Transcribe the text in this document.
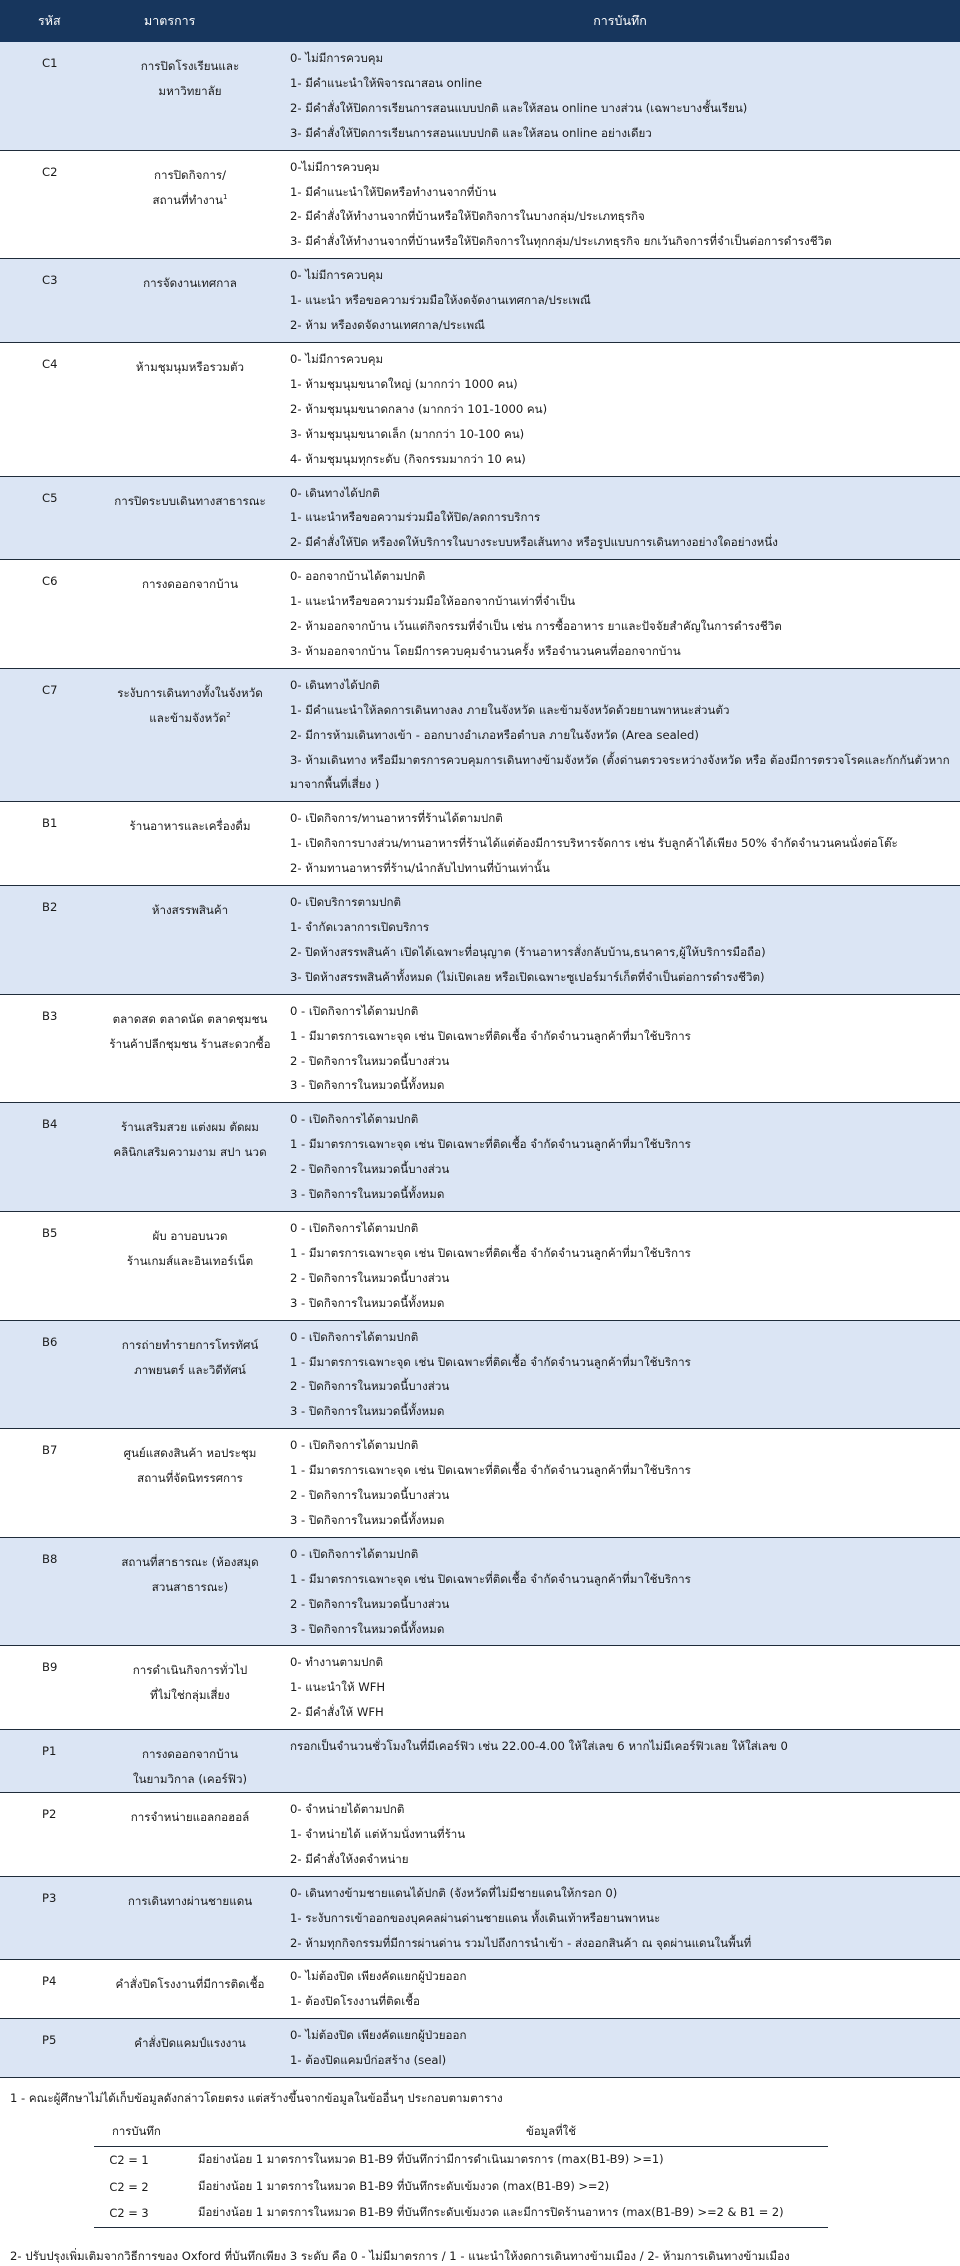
รหัส	มาตรการ	การบันทึก
C1	การปิดโรงเรียนและ
มหาวิทยาลัย	0- ไม่มีการควบคุม
1- มีคำแนะนำให้พิจารณาสอน online
2- มีคำสั่งให้ปิดการเรียนการสอนแบบปกติ และให้สอน online บางส่วน (เฉพาะบางชั้นเรียน)
3- มีคำสั่งให้ปิดการเรียนการสอนแบบปกติ และให้สอน online อย่างเดียว

C2	การปิดกิจการ/
สถานที่ทำงาน$^1$	0-ไม่มีการควบคุม
1- มีคำแนะนำให้ปิดหรือทำงานจากที่บ้าน
2- มีคำสั่งให้ทำงานจากที่บ้านหรือให้ปิดกิจการในบางกลุ่ม/ประเภทธุรกิจ
3- มีคำสั่งให้ทำงานจากที่บ้านหรือให้ปิดกิจการในทุกกลุ่ม/ประเภทธุรกิจ ยกเว้นกิจการที่จำเป็นต่อการดำรงชีวิต

C3	การจัดงานเทศกาล	0- ไม่มีการควบคุม
1- แนะนำ หรือขอความร่วมมือให้งดจัดงานเทศกาล/ประเพณี
2- ห้าม หรืองดจัดงานเทศกาล/ประเพณี

C4	ห้ามชุมนุมหรือรวมตัว	0- ไม่มีการควบคุม
1- ห้ามชุมนุมขนาดใหญ่ (มากกว่า 1000 คน)
2- ห้ามชุมนุมขนาดกลาง (มากกว่า 101-1000 คน)
3- ห้ามชุมนุมขนาดเล็ก (มากกว่า 10-100 คน)
4- ห้ามชุมนุมทุกระดับ (กิจกรรมมากว่า 10 คน)

C5	การปิดระบบเดินทางสาธารณะ	0- เดินทางได้ปกติ
1- แนะนำหรือขอความร่วมมือให้ปิด/ลดการบริการ
2- มีคำสั่งให้ปิด หรืองดให้บริการในบางระบบหรือเส้นทาง หรือรูปแบบการเดินทางอย่างใดอย่างหนึ่ง

C6	การงดออกจากบ้าน	0- ออกจากบ้านได้ตามปกติ
1- แนะนำหรือขอความร่วมมือให้ออกจากบ้านเท่าที่จำเป็น
2- ห้ามออกจากบ้าน เว้นแต่กิจกรรมที่จำเป็น เช่น การซื้ออาหาร ยาและปัจจัยสำคัญในการดำรงชีวิต
3- ห้ามออกจากบ้าน โดยมีการควบคุมจำนวนครั้ง หรือจำนวนคนที่ออกจากบ้าน

C7	ระงับการเดินทางทั้งในจังหวัด
และข้ามจังหวัด$^2$	0- เดินทางได้ปกติ
1- มีคำแนะนำให้ลดการเดินทางลง ภายในจังหวัด และข้ามจังหวัดด้วยยานพาหนะส่วนตัว
2- มีการห้ามเดินทางเข้า - ออกบางอำเภอหรือตำบล ภายในจังหวัด (Area sealed)
3- ห้ามเดินทาง หรือมีมาตรการควบคุมการเดินทางข้ามจังหวัด (ตั้งด่านตรวจระหว่างจังหวัด หรือ ต้องมีการตรวจโรคและกักกันตัวหากมาจากพื้นที่เสี่ยง )

B1	ร้านอาหารและเครื่องดื่ม	0- เปิดกิจการ/ทานอาหารที่ร้านได้ตามปกติ
1- เปิดกิจการบางส่วน/ทานอาหารที่ร้านได้แต่ต้องมีการบริหารจัดการ เช่น รับลูกค้าได้เพียง 50% จำกัดจำนวนคนนั่งต่อโต๊ะ
2- ห้ามทานอาหารที่ร้าน/นำกลับไปทานที่บ้านเท่านั้น

B2	ห้างสรรพสินค้า	0- เปิดบริการตามปกติ
1- จำกัดเวลาการเปิดบริการ
2- ปิดห้างสรรพสินค้า เปิดได้เฉพาะที่อนุญาต (ร้านอาหารสั่งกลับบ้าน,ธนาคาร,ผู้ให้บริการมือถือ)
3- ปิดห้างสรรพสินค้าทั้งหมด (ไม่เปิดเลย หรือเปิดเฉพาะซูเปอร์มาร์เก็ตที่จำเป็นต่อการดำรงชีวิต)

B3	ตลาดสด ตลาดนัด ตลาดชุมชน
ร้านค้าปลีกชุมชน ร้านสะดวกซื้อ	0 - เปิดกิจการได้ตามปกติ
1 - มีมาตรการเฉพาะจุด เช่น ปิดเฉพาะที่ติดเชื้อ จำกัดจำนวนลูกค้าที่มาใช้บริการ
2 - ปิดกิจการในหมวดนี้บางส่วน
3 - ปิดกิจการในหมวดนี้ทั้งหมด

B4	ร้านเสริมสวย แต่งผม ตัดผม
คลินิกเสริมความงาม สปา นวด	0 - เปิดกิจการได้ตามปกติ
1 - มีมาตรการเฉพาะจุด เช่น ปิดเฉพาะที่ติดเชื้อ จำกัดจำนวนลูกค้าที่มาใช้บริการ
2 - ปิดกิจการในหมวดนี้บางส่วน
3 - ปิดกิจการในหมวดนี้ทั้งหมด

B5	ผับ อาบอบนวด
ร้านเกมส์และอินเทอร์เน็ต	0 - เปิดกิจการได้ตามปกติ
1 - มีมาตรการเฉพาะจุด เช่น ปิดเฉพาะที่ติดเชื้อ จำกัดจำนวนลูกค้าที่มาใช้บริการ
2 - ปิดกิจการในหมวดนี้บางส่วน
3 - ปิดกิจการในหมวดนี้ทั้งหมด

B6	การถ่ายทำรายการโทรทัศน์
ภาพยนตร์ และวิดีทัศน์	0 - เปิดกิจการได้ตามปกติ
1 - มีมาตรการเฉพาะจุด เช่น ปิดเฉพาะที่ติดเชื้อ จำกัดจำนวนลูกค้าที่มาใช้บริการ
2 - ปิดกิจการในหมวดนี้บางส่วน
3 - ปิดกิจการในหมวดนี้ทั้งหมด

B7	ศูนย์แสดงสินค้า หอประชุม
สถานที่จัดนิทรรศการ	0 - เปิดกิจการได้ตามปกติ
1 - มีมาตรการเฉพาะจุด เช่น ปิดเฉพาะที่ติดเชื้อ จำกัดจำนวนลูกค้าที่มาใช้บริการ
2 - ปิดกิจการในหมวดนี้บางส่วน
3 - ปิดกิจการในหมวดนี้ทั้งหมด

B8	สถานที่สาธารณะ (ห้องสมุด
สวนสาธารณะ)	0 - เปิดกิจการได้ตามปกติ
1 - มีมาตรการเฉพาะจุด เช่น ปิดเฉพาะที่ติดเชื้อ จำกัดจำนวนลูกค้าที่มาใช้บริการ
2 - ปิดกิจการในหมวดนี้บางส่วน
3 - ปิดกิจการในหมวดนี้ทั้งหมด

B9	การดำเนินกิจการทั่วไป
ที่ไม่ใช่กลุ่มเสี่ยง	0- ทำงานตามปกติ
1- แนะนำให้ WFH
2- มีคำสั่งให้ WFH

P1	การงดออกจากบ้าน
ในยามวิกาล (เคอร์ฟิว)	กรอกเป็นจำนวนชั่วโมงในที่มีเคอร์ฟิว เช่น 22.00-4.00 ให้ใส่เลข 6 หากไม่มีเคอร์ฟิวเลย ให้ใส่เลข 0

P2	การจำหน่ายแอลกอฮอล์	0- จำหน่ายได้ตามปกติ
1- จำหน่ายได้ แต่ห้ามนั่งทานที่ร้าน
2- มีคำสั่งให้งดจำหน่าย

P3	การเดินทางผ่านชายแดน	0- เดินทางข้ามชายแดนได้ปกติ (จังหวัดที่ไม่มีชายแดนให้กรอก 0)
1- ระงับการเข้าออกของบุคคลผ่านด่านชายแดน ทั้งเดินเท้าหรือยานพาหนะ
2- ห้ามทุกกิจกรรมที่มีการผ่านด่าน รวมไปถึงการนำเข้า - ส่งออกสินค้า ณ จุดผ่านแดนในพื้นที่

P4	คำสั่งปิดโรงงานที่มีการติดเชื้อ	0- ไม่ต้องปิด เพียงคัดแยกผู้ป่วยออก
1- ต้องปิดโรงงานที่ติดเชื้อ

P5	คำสั่งปิดแคมป์แรงงาน	0- ไม่ต้องปิด เพียงคัดแยกผู้ป่วยออก
1- ต้องปิดแคมป์ก่อสร้าง (seal)
1 - คณะผู้ศึกษาไม่ได้เก็บข้อมูลดังกล่าวโดยตรง แต่สร้างขึ้นจากข้อมูลในข้ออื่นๆ ประกอบตามตาราง
การบันทึก	ข้อมูลที่ใช้
C2 = 1	มีอย่างน้อย 1 มาตรการในหมวด B1-B9 ที่บันทึกว่ามีการดำเนินมาตรการ (max(B1-B9) >=1)
C2 = 2	มีอย่างน้อย 1 มาตรการในหมวด B1-B9 ที่บันทึกระดับเข้มงวด (max(B1-B9) >=2)
C2 = 3	มีอย่างน้อย 1 มาตรการในหมวด B1-B9 ที่บันทึกระดับเข้มงวด และมีการปิดร้านอาหาร (max(B1-B9) >=2 & B1 = 2)
2- ปรับปรุงเพิ่มเติมจากวิธีการของ Oxford ที่บันทึกเพียง 3 ระดับ คือ 0 - ไม่มีมาตรการ / 1 - แนะนำให้งดการเดินทางข้ามเมือง / 2- ห้ามการเดินทางข้ามเมือง
